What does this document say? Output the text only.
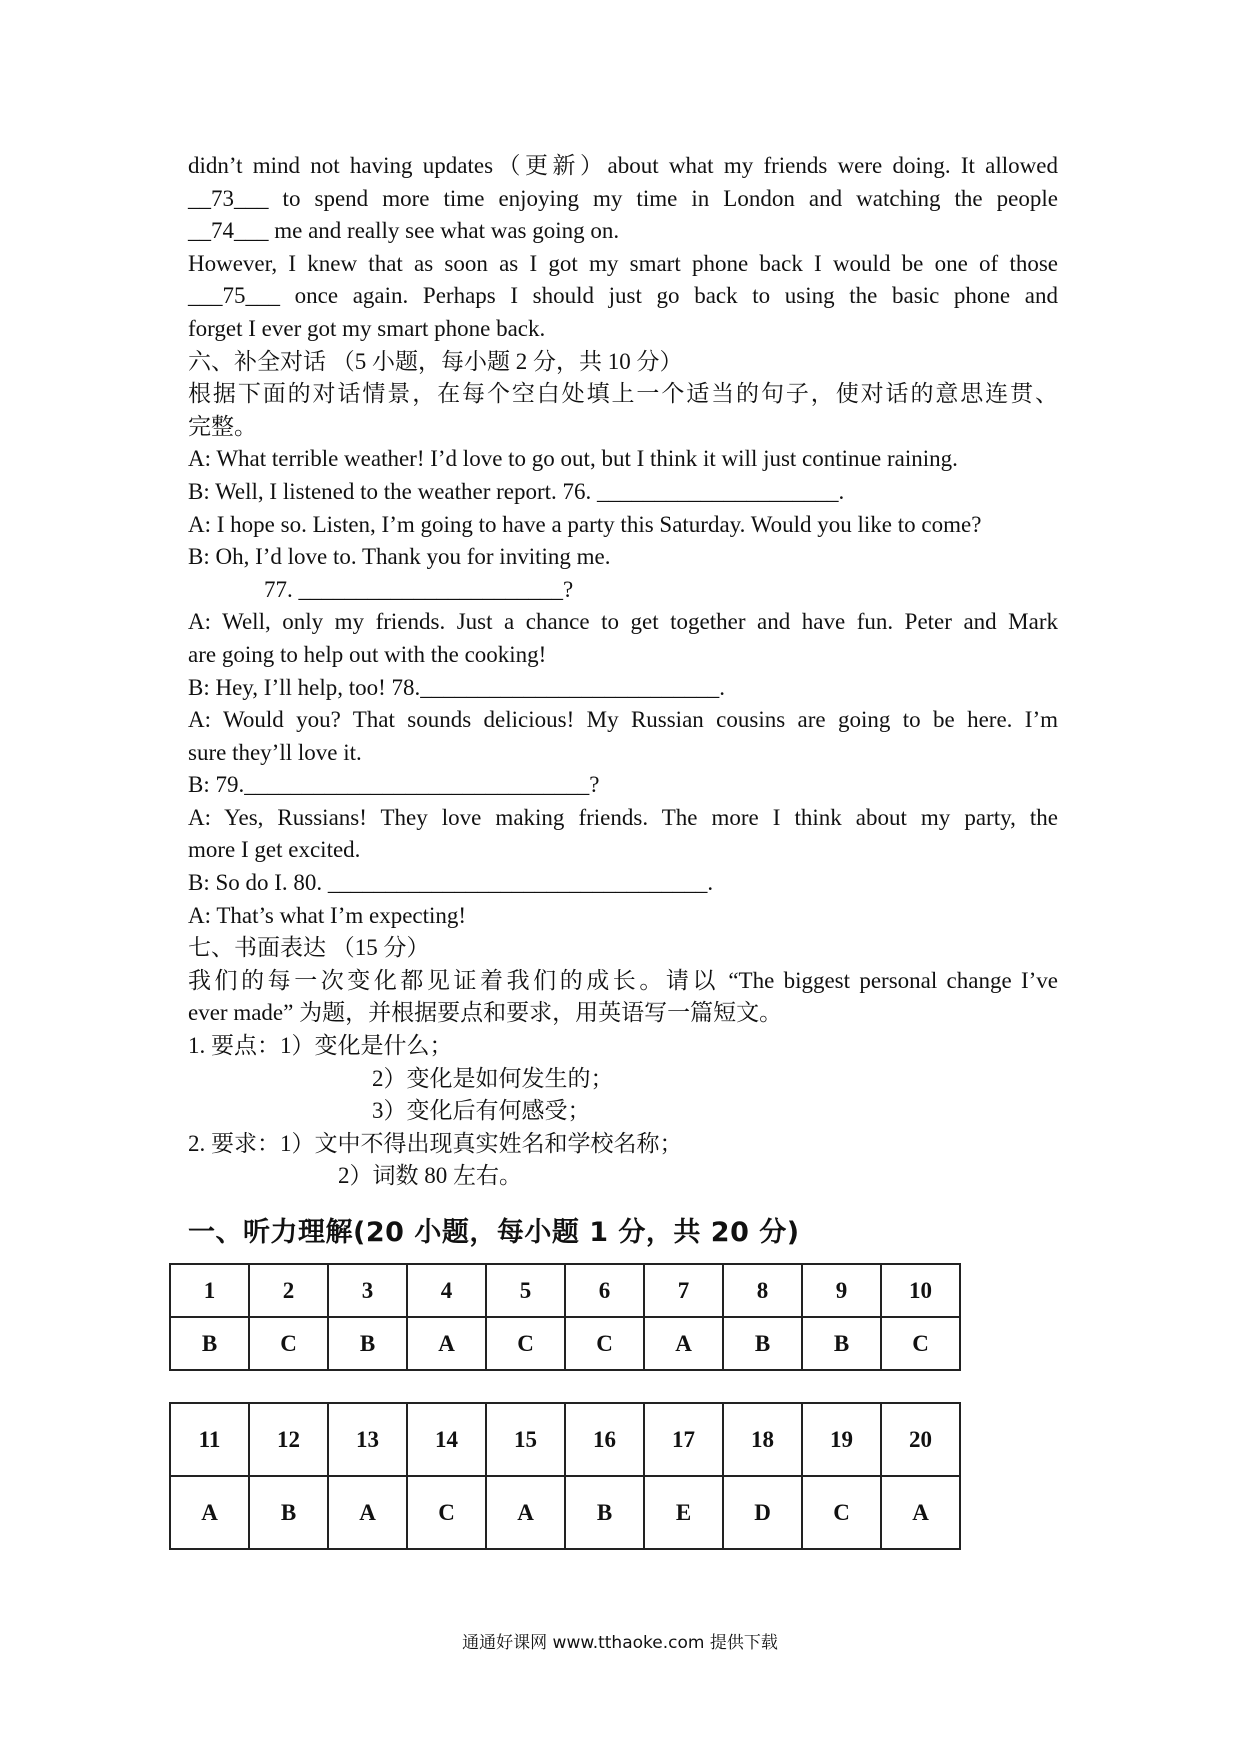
didn’t mind not having updates（更新）about what my friends were doing. It allowed

__73___ to spend more time enjoying my time in London and watching the people

__74___ me and really see what was going on.

However, I knew that as soon as I got my smart phone back I would be one of those

___75___ once again. Perhaps I should just go back to using the basic phone and

forget I ever got my smart phone back.

六、补全对话 （5 小题，每小题 2 分，共 10 分）

根据下面的对话情景，在每个空白处填上一个适当的句子，使对话的意思连贯、

完整。

A: What terrible weather! I’d love to go out, but I think it will just continue raining.

B: Well, I listened to the weather report. 76. _____________________.

A: I hope so. Listen, I’m going to have a party this Saturday. Would you like to come?

B: Oh, I’d love to. Thank you for inviting me.

77. _______________________?

A: Well, only my friends. Just a chance to get together and have fun. Peter and Mark

are going to help out with the cooking!

B: Hey, I’ll help, too! 78.__________________________.

A: Would you? That sounds delicious! My Russian cousins are going to be here. I’m

sure they’ll love it.

B: 79.______________________________?

A: Yes, Russians! They love making friends. The more I think about my party, the

more I get excited.

B: So do I. 80. _________________________________.

A: That’s what I’m expecting!

七、书面表达 （15 分）

我们的每一次变化都见证着我们的成长。请以 “The biggest personal change I’ve

ever made” 为题，并根据要点和要求，用英语写一篇短文。

1. 要点：1）变化是什么；

2）变化是如何发生的；

3）变化后有何感受；

2. 要求：1）文中不得出现真实姓名和学校名称；

2）词数 80 左右。

一、听力理解(20 小题，每小题 1 分，共 20 分)
1	2	3	4	5	6	7	8	9	10
B	C	B	A	C	C	A	B	B	C
11	12	13	14	15	16	17	18	19	20
A	B	A	C	A	B	E	D	C	A
通通好课网 www.tthaoke.com 提供下载
